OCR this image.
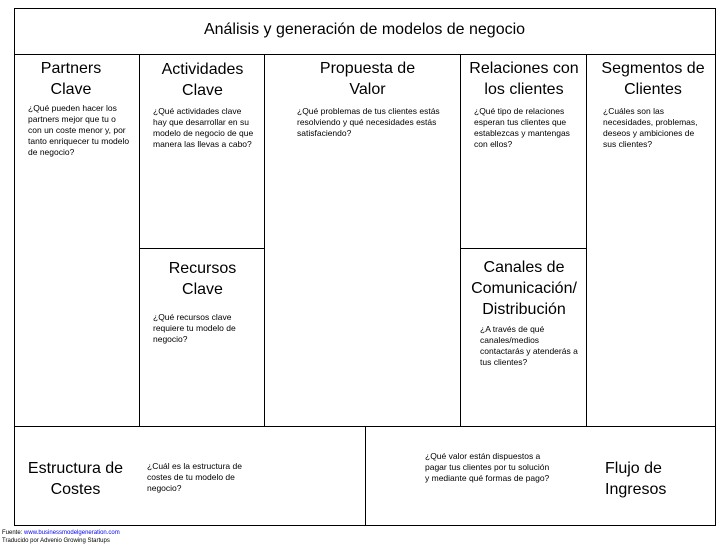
Análisis y generación de modelos de negocio
Partners Clave
¿Qué pueden hacer los partners mejor que tu o con un coste menor y, por tanto enriquecer tu modelo de negocio?
Actividades Clave
¿Qué actividades clave hay que desarrollar en su modelo de negocio de que manera las llevas a cabo?
Recursos Clave
¿Qué recursos clave requiere tu modelo de negocio?
Propuesta de Valor
¿Qué problemas de tus clientes estás resolviendo y qué necesidades estás satisfaciendo?
Relaciones con los clientes
¿Qué tipo de relaciones esperan tus clientes que establezcas y mantengas con ellos?
Canales de Comunicación/ Distribución
¿A través de qué canales/medios contactarás y atenderás a tus clientes?
Segmentos de Clientes
¿Cuáles son las necesidades, problemas, deseos y ambiciones de sus clientes?
Estructura de Costes
¿Cuál es la estructura de costes de tu modelo de negocio?
¿Qué valor están dispuestos a pagar tus clientes por tu solución y mediante qué formas de pago?
Flujo de Ingresos
Fuente: www.businessmodelgeneration.com
Traducido por Advenio Growing Startups
